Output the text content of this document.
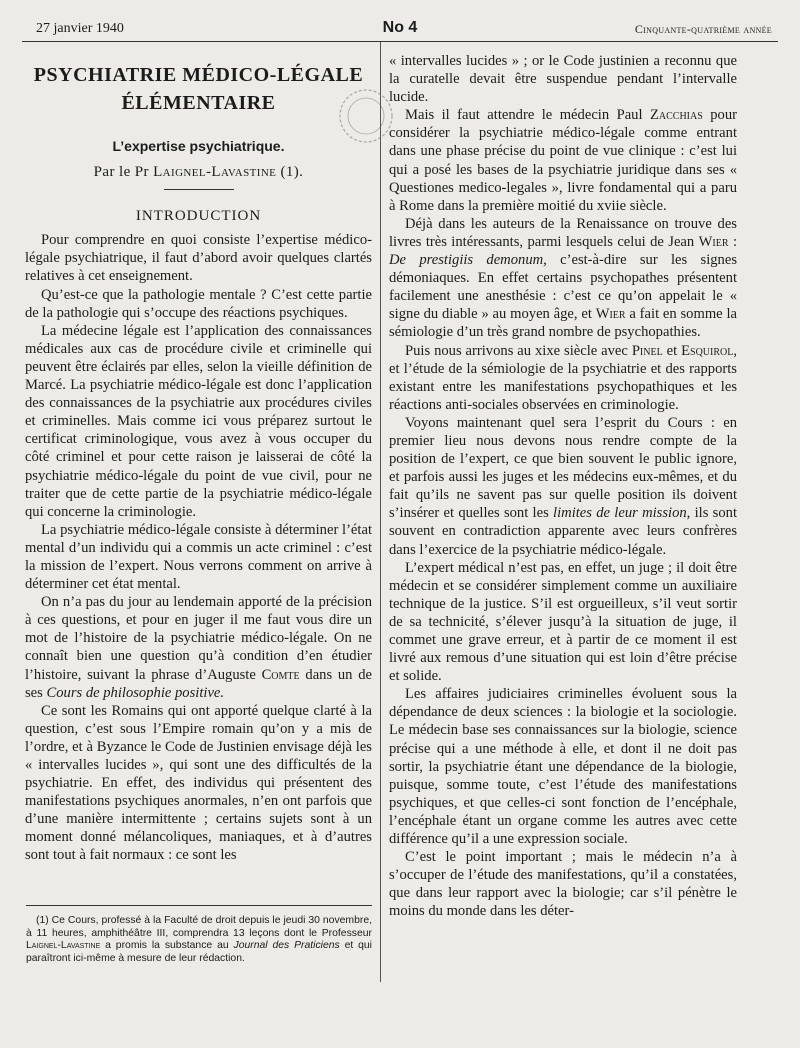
27 janvier 1940	No 4	Cinquante-quatrième année
PSYCHIATRIE MÉDICO-LÉGALE
ÉLÉMENTAIRE
L’expertise psychiatrique.
Par le Pr Laignel-Lavastine (1).
INTRODUCTION

Pour comprendre en quoi consiste l’expertise médico-légale psychiatrique, il faut d’abord avoir quelques clartés relatives à cet enseignement.

Qu’est-ce que la pathologie mentale ? C’est cette partie de la pathologie qui s’occupe des réactions psychiques.

La médecine légale est l’application des connaissances médicales aux cas de procédure civile et criminelle qui peuvent être éclairés par elles, selon la vieille définition de Marcé. La psychiatrie médico-légale est donc l’application des connaissances de la psychiatrie aux procédures civiles et criminelles. Mais comme ici vous préparez surtout le certificat criminologique, vous avez à vous occuper du côté criminel et pour cette raison je laisserai de côté la psychiatrie médico-légale du point de vue civil, pour ne traiter que de cette partie de la psychiatrie médico-légale qui concerne la criminologie.

La psychiatrie médico-légale consiste à déterminer l’état mental d’un individu qui a commis un acte criminel : c’est la mission de l’expert. Nous verrons comment on arrive à déterminer cet état mental.

On n’a pas du jour au lendemain apporté de la précision à ces questions, et pour en juger il me faut vous dire un mot de l’histoire de la psychiatrie médico-légale. On ne connaît bien une question qu’à condition d’en étudier l’histoire, suivant la phrase d’Auguste Comte dans un de ses Cours de philosophie positive.

Ce sont les Romains qui ont apporté quelque clarté à la question, c’est sous l’Empire romain qu’on y a mis de l’ordre, et à Byzance le Code de Justinien envisage déjà les « intervalles lucides », qui sont une des difficultés de la psychiatrie. En effet, des individus qui présentent des manifestations psychiques anormales, n’en ont parfois que d’une manière intermittente ; certains sujets sont à un moment donné mélancoliques, maniaques, et à d’autres sont tout à fait normaux : ce sont les

(1) Ce Cours, professé à la Faculté de droit depuis le jeudi 30 novembre, à 11 heures, amphithéâtre III, comprendra 13 leçons dont le Professeur Laignel-Lavastine a promis la substance au Journal des Praticiens et qui paraîtront ici-même à mesure de leur rédaction.

« intervalles lucides » ; or le Code justinien a reconnu que la curatelle devait être suspendue pendant l’intervalle lucide.

Mais il faut attendre le médecin Paul Zacchias pour considérer la psychiatrie médico-légale comme entrant dans une phase précise du point de vue clinique : c’est lui qui a posé les bases de la psychiatrie juridique dans ses « Questiones medico-legales », livre fondamental qui a paru à Rome dans la première moitié du xviie siècle.

Déjà dans les auteurs de la Renaissance on trouve des livres très intéressants, parmi lesquels celui de Jean Wier : De prestigiis demonum, c’est-à-dire sur les signes démoniaques. En effet certains psychopathes présentent facilement une anesthésie : c’est ce qu’on appelait le « signe du diable » au moyen âge, et Wier a fait en somme la sémiologie d’un très grand nombre de psychopathies.

Puis nous arrivons au xixe siècle avec Pinel et Esquirol, et l’étude de la sémiologie de la psychiatrie et des rapports existant entre les manifestations psychopathiques et les réactions anti-sociales observées en criminologie.

Voyons maintenant quel sera l’esprit du Cours : en premier lieu nous devons nous rendre compte de la position de l’expert, ce que bien souvent le public ignore, et parfois aussi les juges et les médecins eux-mêmes, et du fait qu’ils ne savent pas sur quelle position ils doivent s’insérer et quelles sont les limites de leur mission, ils sont souvent en contradiction apparente avec leurs confrères dans l’exercice de la psychiatrie médico-légale.

L’expert médical n’est pas, en effet, un juge ; il doit être médecin et se considérer simplement comme un auxiliaire technique de la justice. S’il est orgueilleux, s’il veut sortir de sa technicité, s’élever jusqu’à la situation de juge, il commet une grave erreur, et à partir de ce moment il est livré aux remous d’une situation qui est loin d’être précise et solide.

Les affaires judiciaires criminelles évoluent sous la dépendance de deux sciences : la biologie et la sociologie. Le médecin base ses connaissances sur la biologie, science précise qui a une méthode à elle, et dont il ne doit pas sortir, la psychiatrie étant une dépendance de la biologie, puisque, somme toute, c’est l’étude des manifestations psychiques, et que celles-ci sont fonction de l’encéphale, l’encéphale étant un organe comme les autres avec cette différence qu’il a une expression sociale.

C’est le point important ; mais le médecin n’a à s’occuper de l’étude des manifestations, qu’il a constatées, que dans leur rapport avec la biologie; car s’il pénètre le moins du monde dans les déter-
